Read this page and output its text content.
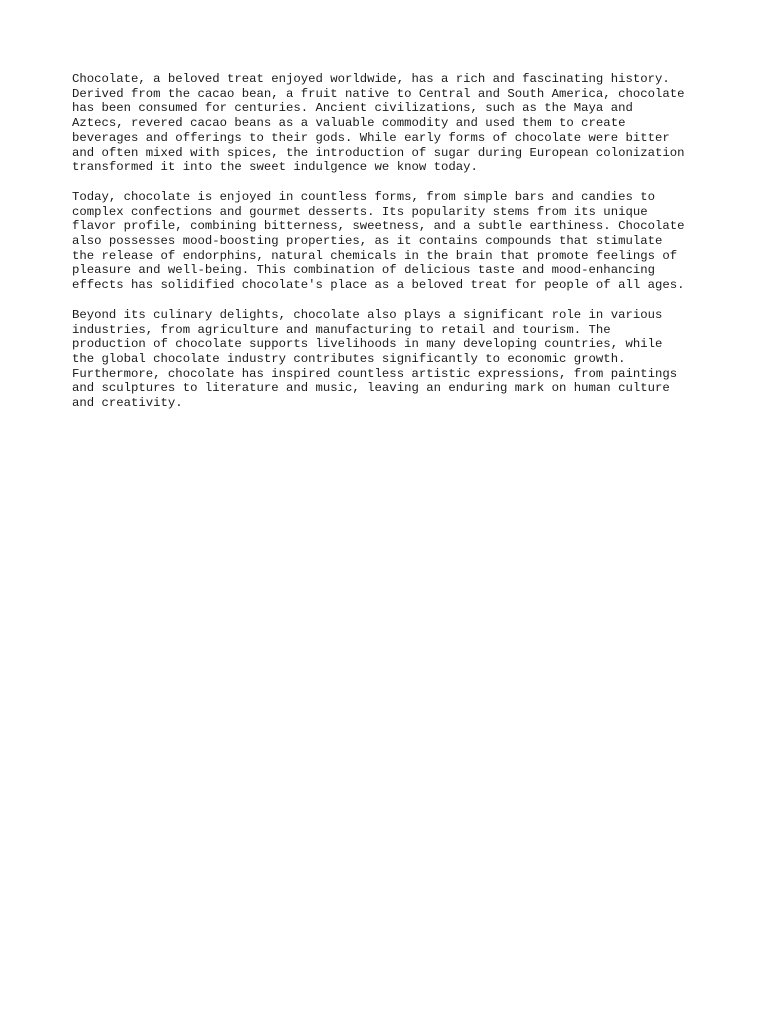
Chocolate, a beloved treat enjoyed worldwide, has a rich and fascinating history.
Derived from the cacao bean, a fruit native to Central and South America, chocolate
has been consumed for centuries. Ancient civilizations, such as the Maya and
Aztecs, revered cacao beans as a valuable commodity and used them to create
beverages and offerings to their gods. While early forms of chocolate were bitter
and often mixed with spices, the introduction of sugar during European colonization
transformed it into the sweet indulgence we know today.

Today, chocolate is enjoyed in countless forms, from simple bars and candies to
complex confections and gourmet desserts. Its popularity stems from its unique
flavor profile, combining bitterness, sweetness, and a subtle earthiness. Chocolate
also possesses mood-boosting properties, as it contains compounds that stimulate
the release of endorphins, natural chemicals in the brain that promote feelings of
pleasure and well-being. This combination of delicious taste and mood-enhancing
effects has solidified chocolate's place as a beloved treat for people of all ages.

Beyond its culinary delights, chocolate also plays a significant role in various
industries, from agriculture and manufacturing to retail and tourism. The
production of chocolate supports livelihoods in many developing countries, while
the global chocolate industry contributes significantly to economic growth.
Furthermore, chocolate has inspired countless artistic expressions, from paintings
and sculptures to literature and music, leaving an enduring mark on human culture
and creativity.
